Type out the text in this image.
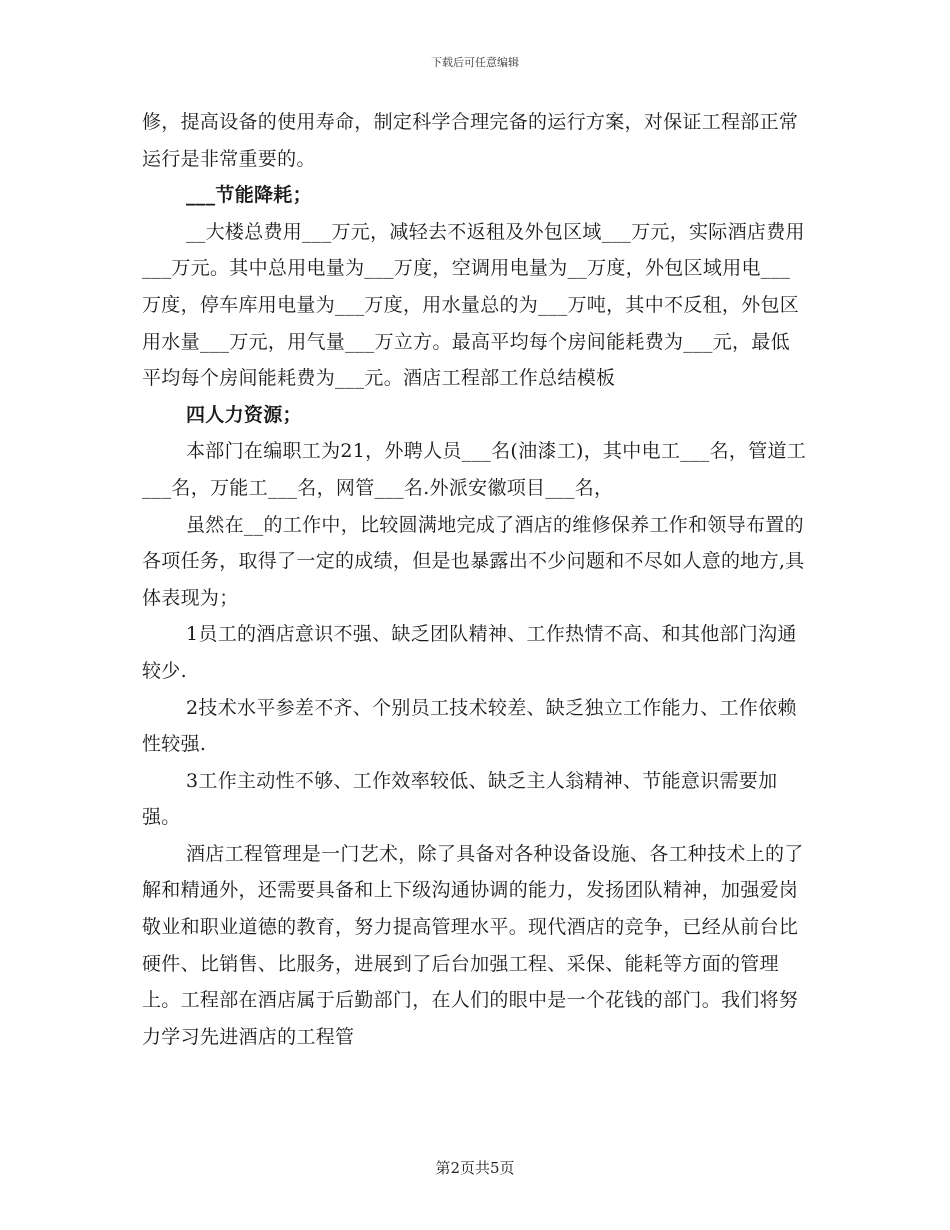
下载后可任意编辑

修，提高设备的使用寿命，制定科学合理完备的运行方案，对保证工程部正常运行是非常重要的。

___节能降耗；

__大楼总费用___万元，减轻去不返租及外包区域___万元，实际酒店费用___万元。其中总用电量为___万度，空调用电量为__万度，外包区域用电___万度，停车库用电量为___万度，用水量总的为___万吨，其中不反租，外包区用水量___万元，用气量___万立方。最高平均每个房间能耗费为___元，最低平均每个房间能耗费为___元。酒店工程部工作总结模板

四人力资源；

本部门在编职工为21，外聘人员___名(油漆工)，其中电工___名，管道工___名，万能工___名，网管___名.外派安徽项目___名，

虽然在__的工作中，比较圆满地完成了酒店的维修保养工作和领导布置的各项任务，取得了一定的成绩，但是也暴露出不少问题和不尽如人意的地方,具体表现为；

1员工的酒店意识不强、缺乏团队精神、工作热情不高、和其他部门沟通较少.

2技术水平参差不齐、个别员工技术较差、缺乏独立工作能力、工作依赖性较强.

3工作主动性不够、工作效率较低、缺乏主人翁精神、节能意识需要加强。

酒店工程管理是一门艺术，除了具备对各种设备设施、各工种技术上的了解和精通外，还需要具备和上下级沟通协调的能力，发扬团队精神，加强爱岗敬业和职业道德的教育，努力提高管理水平。现代酒店的竞争，已经从前台比硬件、比销售、比服务，进展到了后台加强工程、采保、能耗等方面的管理上。工程部在酒店属于后勤部门，在人们的眼中是一个花钱的部门。我们将努力学习先进酒店的工程管

第2页共5页
